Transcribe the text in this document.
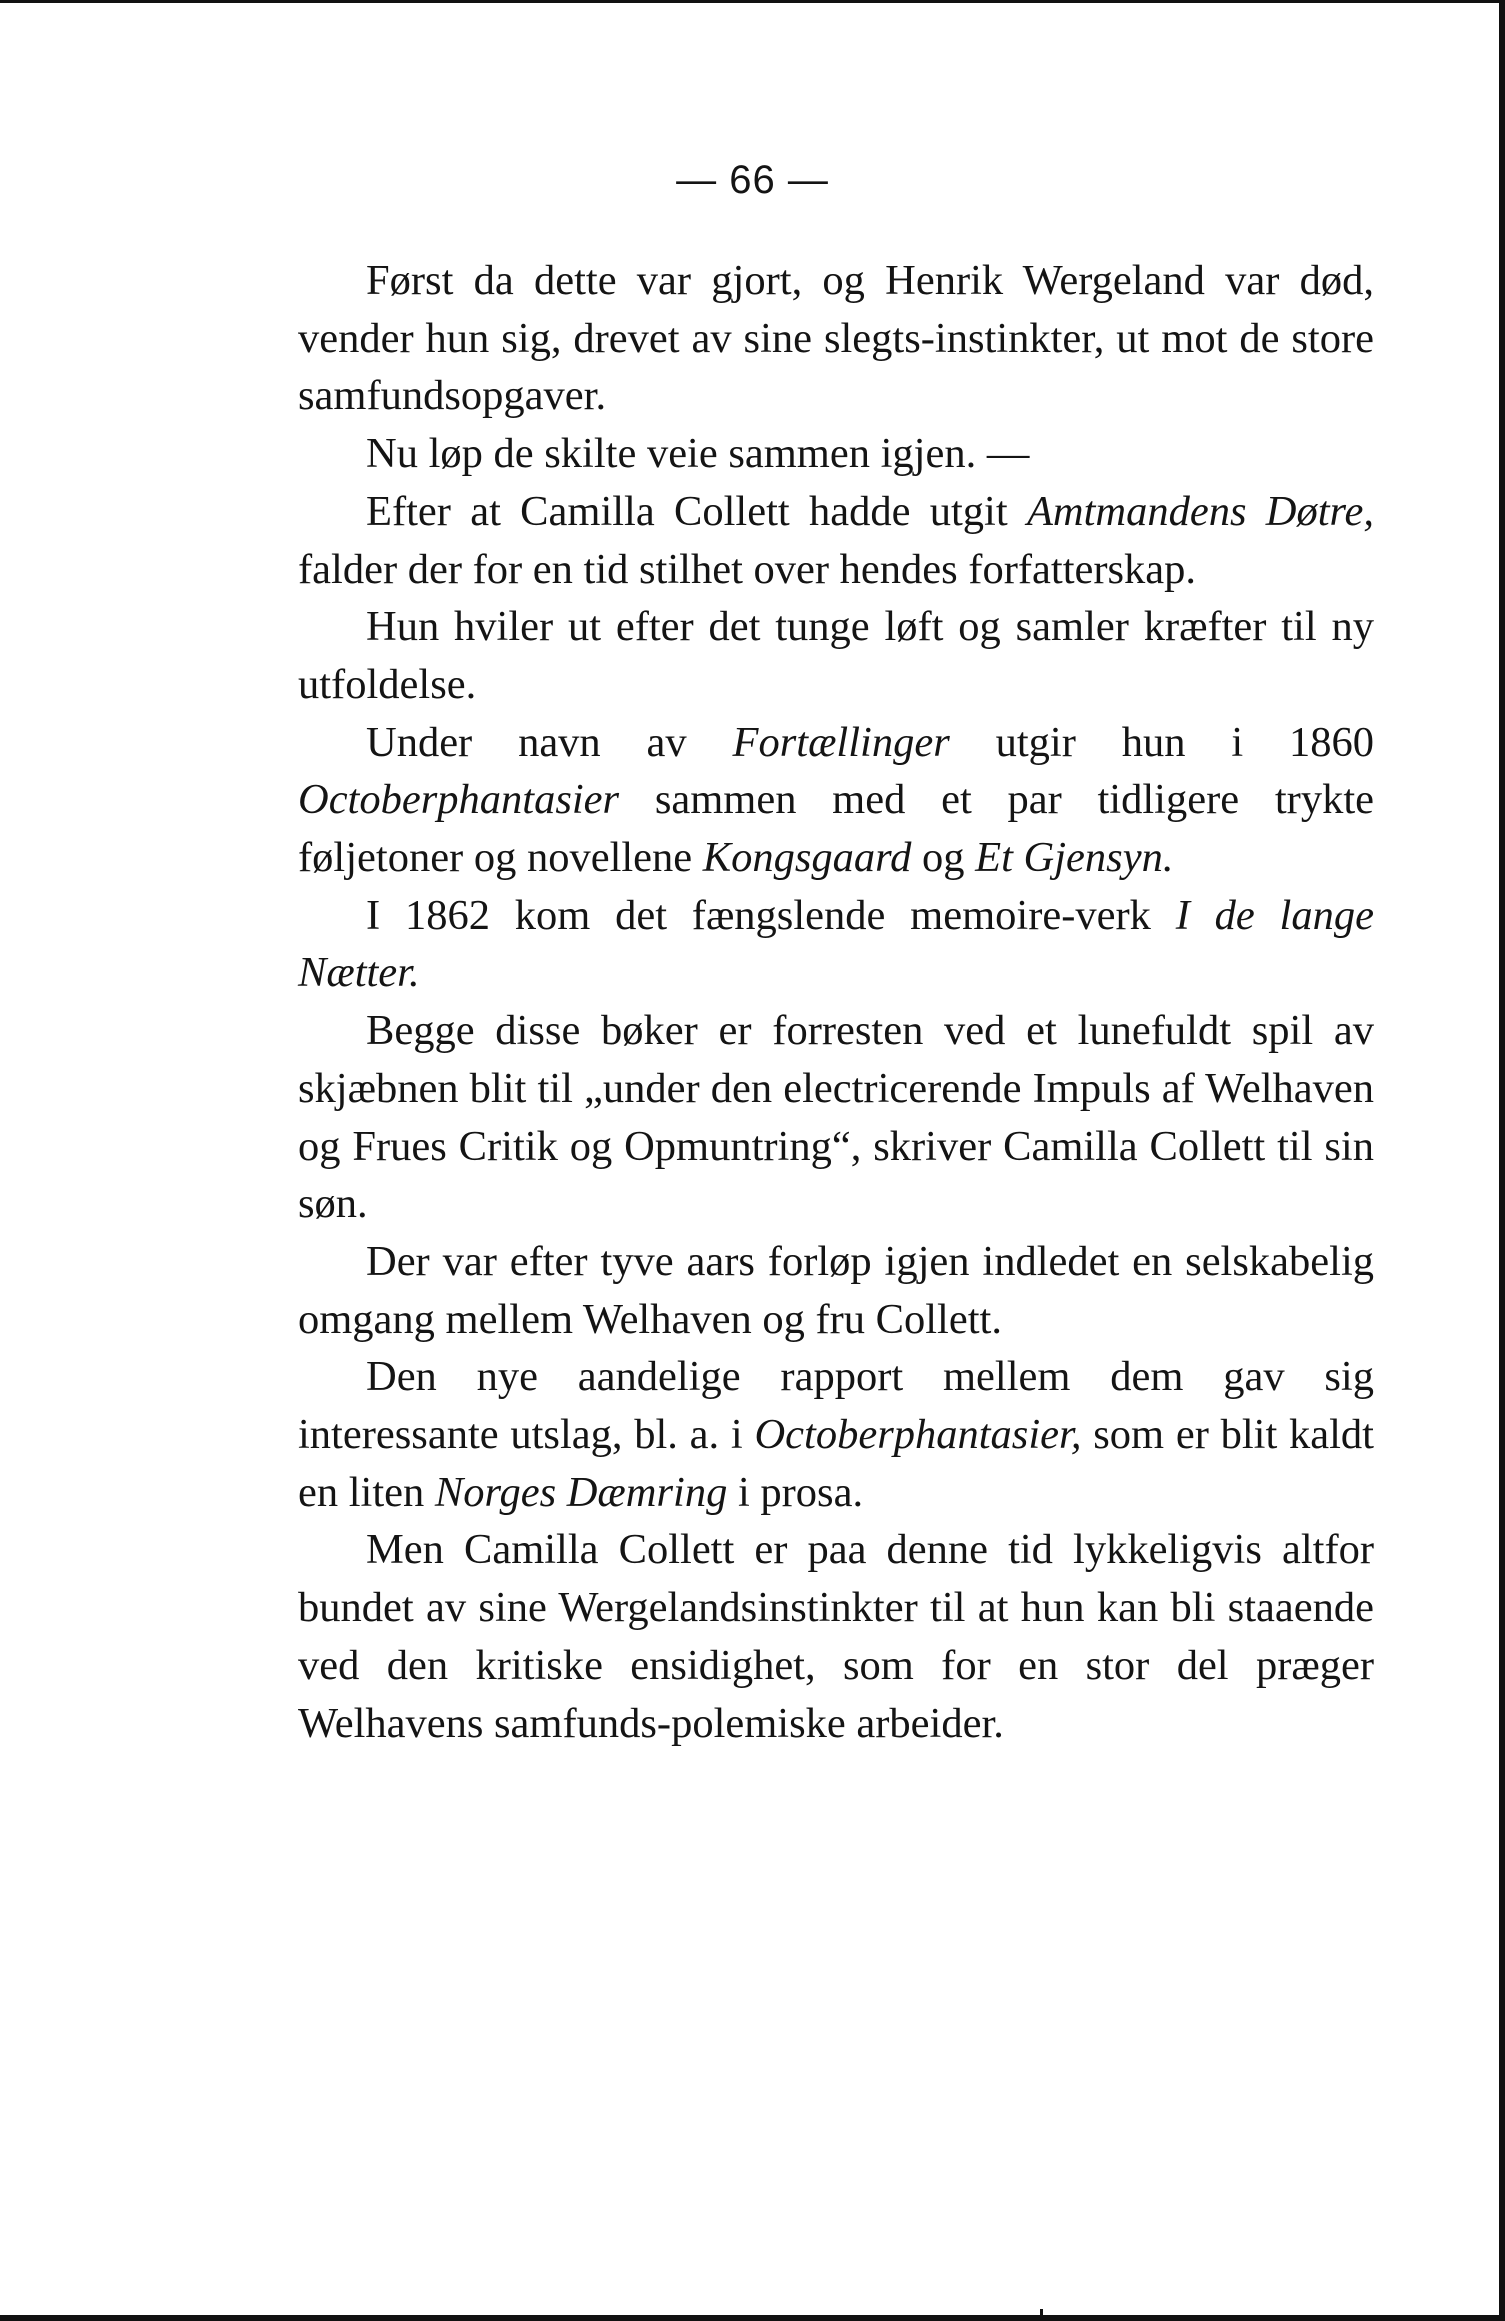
— 66 —

Først da dette var gjort, og Henrik Wergeland var død, vender hun sig, drevet av sine slegts-instinkter, ut mot de store samfundsopgaver.

Nu løp de skilte veie sammen igjen. —

Efter at Camilla Collett hadde utgit Amtmandens Døtre, falder der for en tid stilhet over hendes forfatterskap.

Hun hviler ut efter det tunge løft og samler kræfter til ny utfoldelse.

Under navn av Fortællinger utgir hun i 1860 Octoberphantasier sammen med et par tidligere trykte føljetoner og novellene Kongsgaard og Et Gjensyn.

I 1862 kom det fængslende memoire-verk I de lange Nætter.

Begge disse bøker er forresten ved et lunefuldt spil av skjæbnen blit til „under den electricerende Impuls af Welhaven og Frues Critik og Opmuntring“, skriver Camilla Collett til sin søn.

Der var efter tyve aars forløp igjen indledet en selskabelig omgang mellem Welhaven og fru Collett.

Den nye aandelige rapport mellem dem gav sig interessante utslag, bl. a. i Octoberphantasier, som er blit kaldt en liten Norges Dæmring i prosa.

Men Camilla Collett er paa denne tid lykkeligvis altfor bundet av sine Wergelandsinstinkter til at hun kan bli staaende ved den kritiske ensidighet, som for en stor del præger Welhavens samfunds-polemiske arbeider.
